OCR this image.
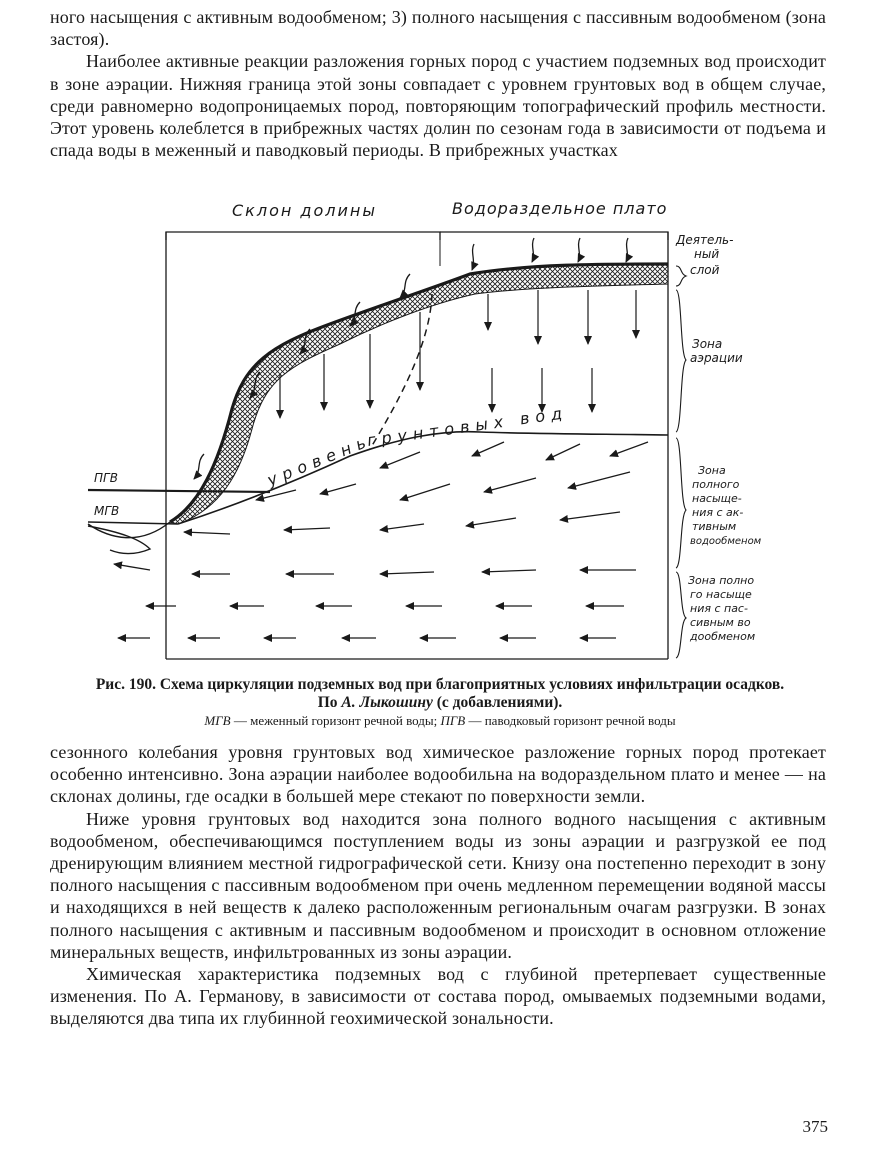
ного насыщения с активным водообменом; 3) полного насыщения с пассивным водообменом (зона застоя).

Наиболее активные реакции разложения горных пород с участием подземных вод происходит в зоне аэрации. Нижняя граница этой зоны совпадает с уровнем грунтовых вод в общем случае, среди равномерно водопроницаемых пород, повторяющим топографический профиль местности. Этот уровень колеблется в прибрежных частях долин по сезонам года в зависимости от подъема и спада воды в меженный и паводковый периоды. В прибрежных участках

Склон долины	Водораздельное плато
ПГВ
МГВ
уровень
грунтовых вод
Деятель-
ный
слой
Зона
аэрации
Зона
полного
насыще-
ния с ак-
тивным
водообменом
Зона полно
го насыще
ния с пас-
сивным во
дообменом
Рис. 190. Схема циркуляции подземных вод при благоприятных условиях инфильтрации осадков. По А. Лыкошину (с добавлениями).
МГВ — меженный горизонт речной воды; ПГВ — паводковый горизонт речной воды

сезонного колебания уровня грунтовых вод химическое разложение горных пород протекает особенно интенсивно. Зона аэрации наиболее водообильна на водораздельном плато и менее — на склонах долины, где осадки в большей мере стекают по поверхности земли.

Ниже уровня грунтовых вод находится зона полного водного насыщения с активным водообменом, обеспечивающимся поступлением воды из зоны аэрации и разгрузкой ее под дренирующим влиянием местной гидрографической сети. Книзу она постепенно переходит в зону полного насыщения с пассивным водообменом при очень медленном перемещении водяной массы и находящихся в ней веществ к далеко расположенным региональным очагам разгрузки. В зонах полного насыщения с активным и пассивным водообменом и происходит в основном отложение минеральных веществ, инфильтрованных из зоны аэрации.

Химическая характеристика подземных вод с глубиной претерпевает существенные изменения. По А. Германову, в зависимости от состава пород, омываемых подземными водами, выделяются два типа их глубинной геохимической зональности.

375
